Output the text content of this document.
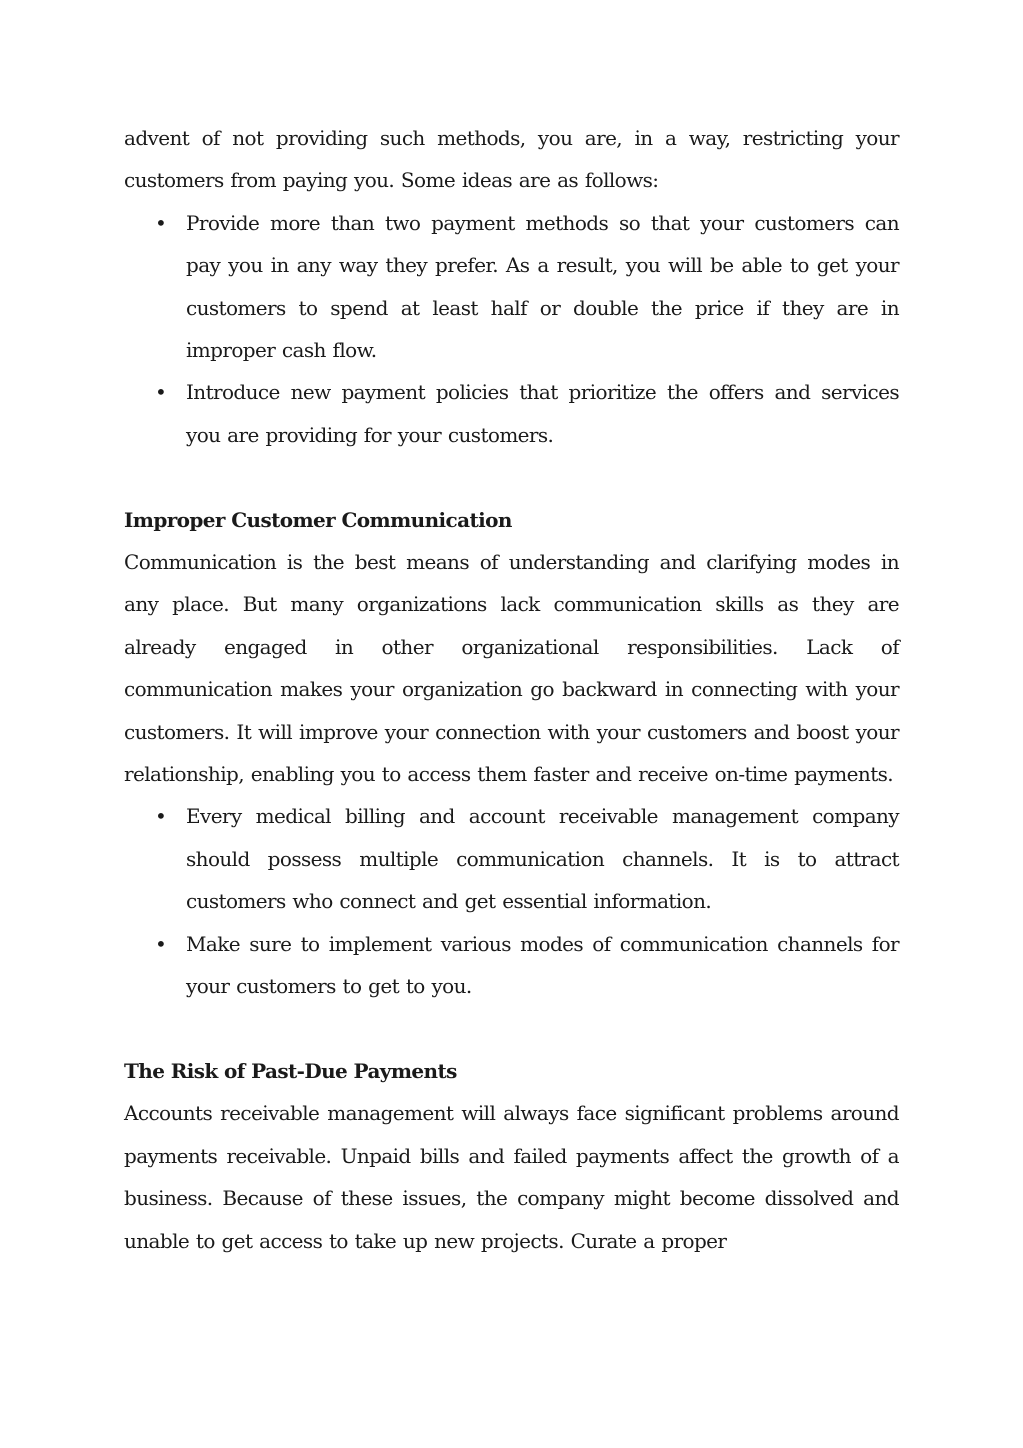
advent of not providing such methods, you are, in a way, restricting your customers from paying you. Some ideas are as follows:

• Provide more than two payment methods so that your customers can pay you in any way they prefer. As a result, you will be able to get your customers to spend at least half or double the price if they are in improper cash flow.
• Introduce new payment policies that prioritize the offers and services you are providing for your customers.
Improper Customer Communication

Communication is the best means of understanding and clarifying modes in any place. But many organizations lack communication skills as they are already engaged in other organizational responsibilities. Lack of communication makes your organization go backward in connecting with your customers. It will improve your connection with your customers and boost your relationship, enabling you to access them faster and receive on-time payments.

• Every medical billing and account receivable management company should possess multiple communication channels. It is to attract customers who connect and get essential information.
• Make sure to implement various modes of communication channels for your customers to get to you.
The Risk of Past-Due Payments

Accounts receivable management will always face significant problems around payments receivable. Unpaid bills and failed payments affect the growth of a business. Because of these issues, the company might become dissolved and unable to get access to take up new projects. Curate a proper
